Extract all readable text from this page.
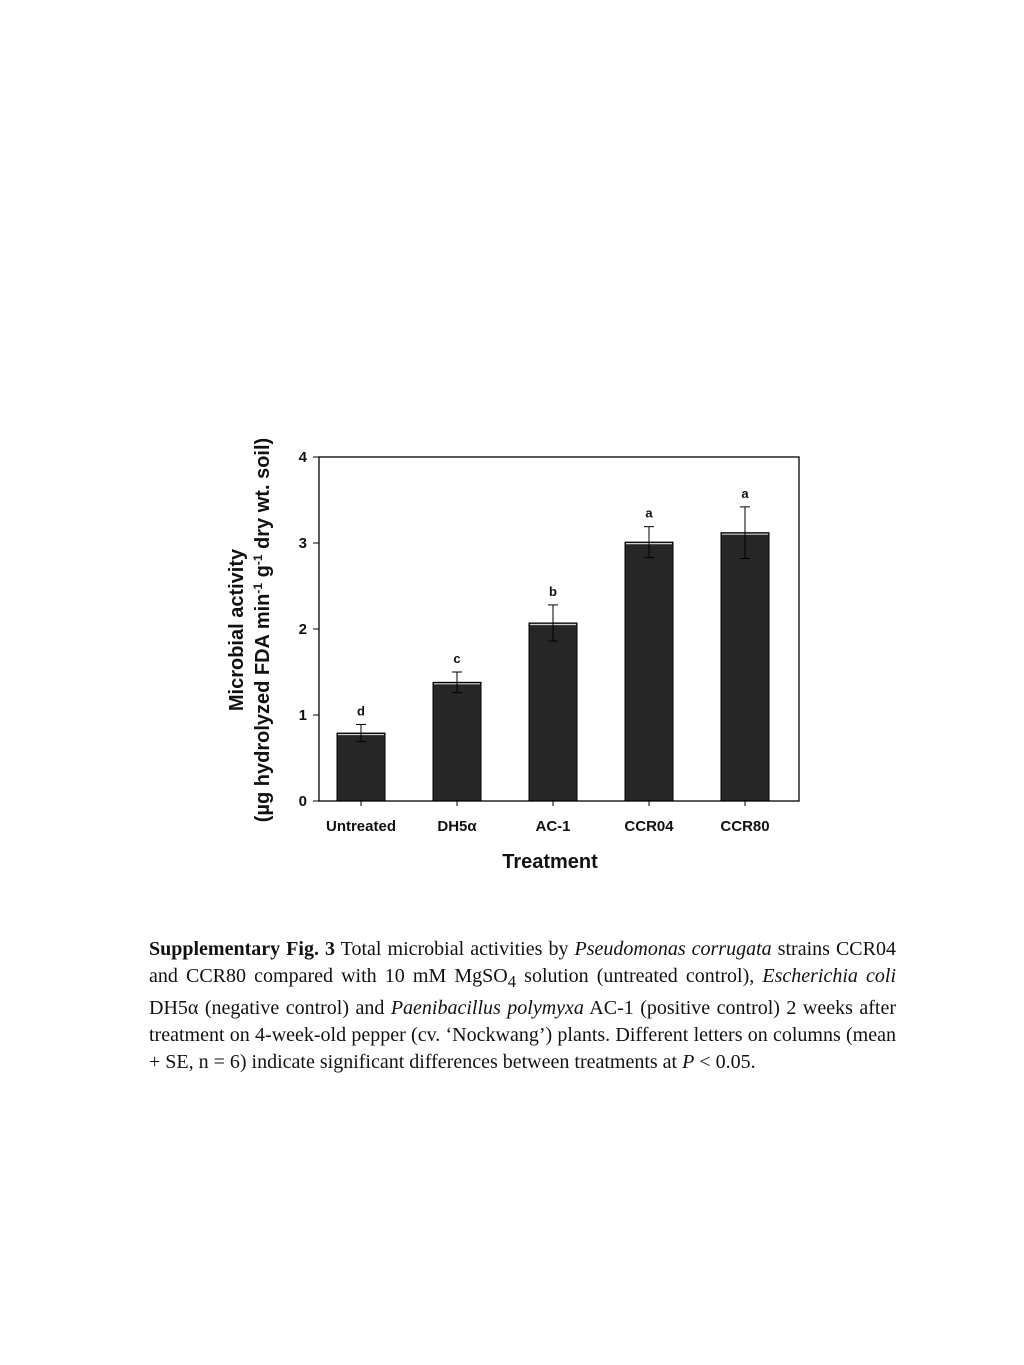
d
c
b
a
a
0
1
2
3
4
Untreated	DH5α	AC-1	CCR04	CCR80
Treatment
Microbial activity (µg hydrolyzed FDA $\min^{-1} g^{-1}$ dry wt. soil)
Supplementary Fig. 3 Total microbial activities by Pseudomonas corrugata strains CCR04 and CCR80 compared with 10 mM MgSO$_4$ solution (untreated control), Escherichia coli DH5α (negative control) and Paenibacillus polymyxa AC-1 (positive control) 2 weeks after treatment on 4-week-old pepper (cv. ‘Nockwang’) plants. Different letters on columns (mean + SE, n = 6) indicate significant differences between treatments at P < 0.05.
